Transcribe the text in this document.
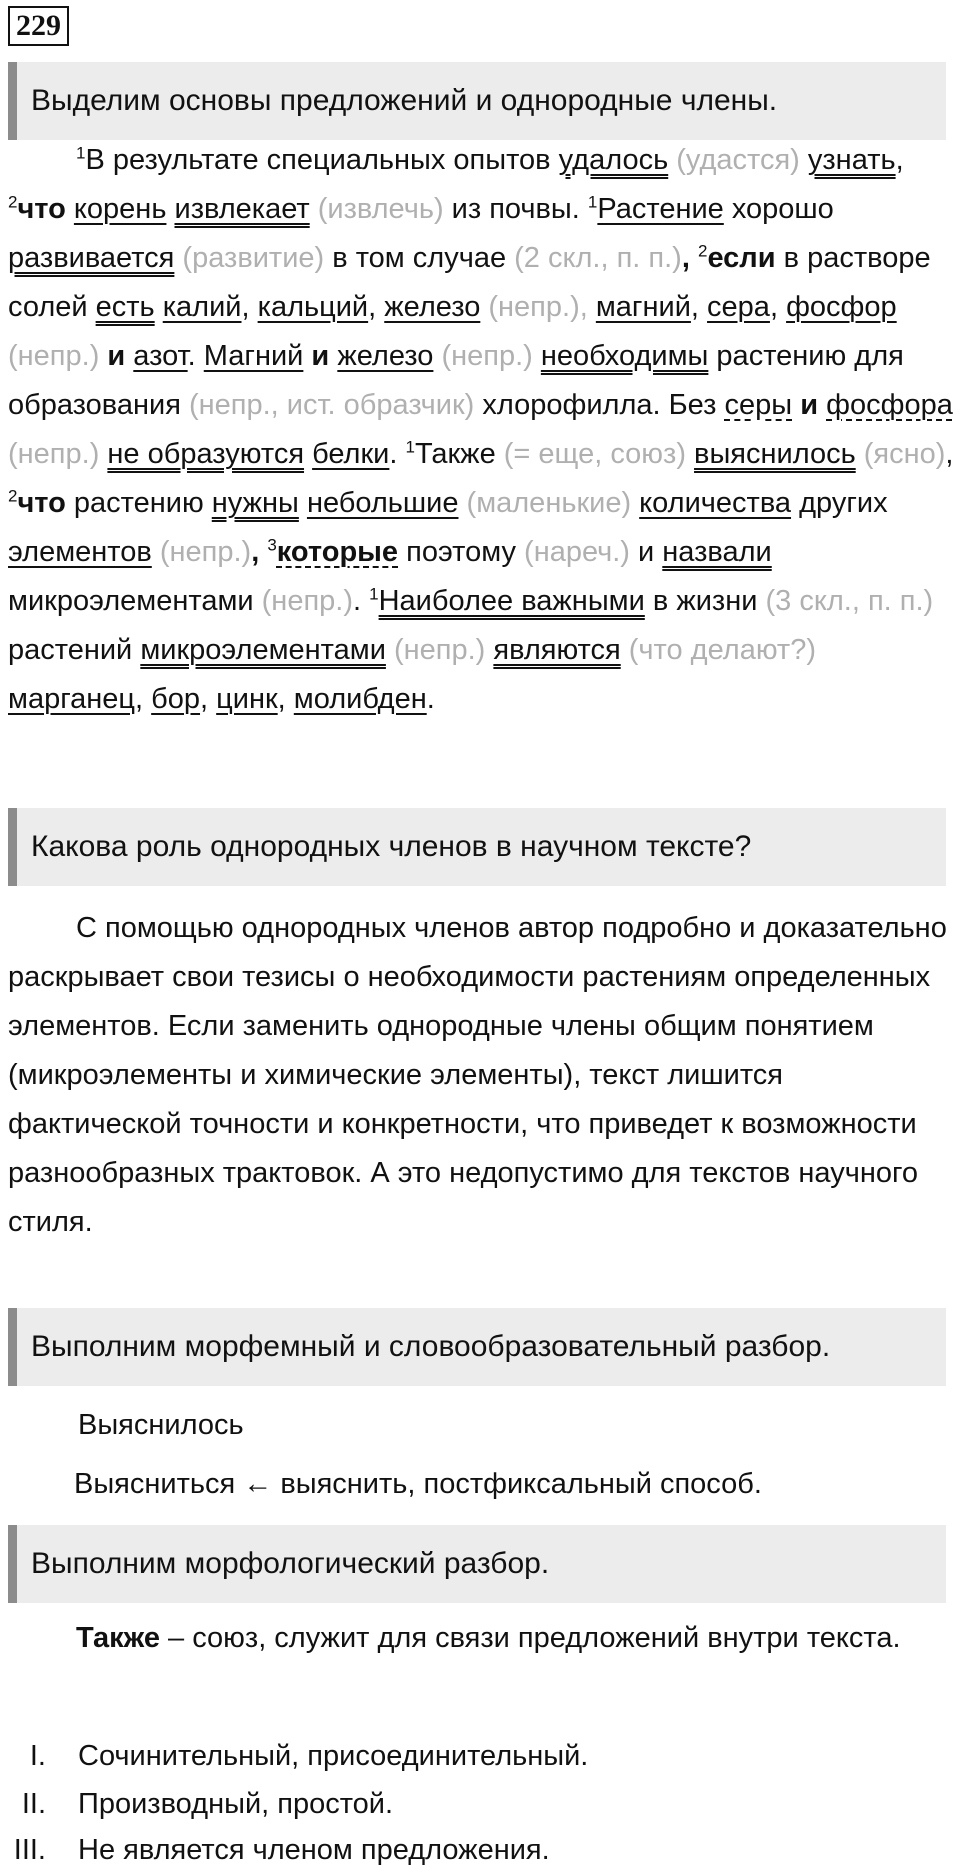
229
Выделим основы предложений и однородные члены.

$^1$В результате специальных опытов удалось (удастся) узнать, $^2$что корень извлекает (извлечь) из почвы. $^1$Растение хорошо развивается (развитие) в том случае (2 скл., п. п.), $^2$если в растворе солей есть калий, кальций, железо (непр.), магний, сера, фосфор (непр.) и азот. Магний и железо (непр.) необходимы растению для образования (непр., ист. образчик) хлорофилла. Без серы и фосфора (непр.) не образуются белки. $^1$Также (= еще, союз) выяснилось (ясно), $^2$что растению нужны небольшие (маленькие) количества других элементов (непр.), $^3$которые поэтому (нареч.) и назвали микроэлементами (непр.). $^1$Наиболее важными в жизни (3 скл., п. п.) растений микроэлементами (непр.) являются (что делают?) марганец, бор, цинк, молибден.

Какова роль однородных членов в научном тексте?

С помощью однородных членов автор подробно и доказательно раскрывает свои тезисы о необходимости растениям определенных элементов. Если заменить однородные члены общим понятием (микроэлементы и химические элементы), текст лишится фактической точности и конкретности, что приведет к возможности разнообразных трактовок. А это недопустимо для текстов научного стиля.

Выполним морфемный и словообразовательный разбор.
Выяснилось
Выясниться ← выяснить, постфиксальный способ.
Выполним морфологический разбор.

Также – союз, служит для связи предложений внутри текста.

I. Сочинительный, присоединительный.
II. Производный, простой.
III. Не является членом предложения.
